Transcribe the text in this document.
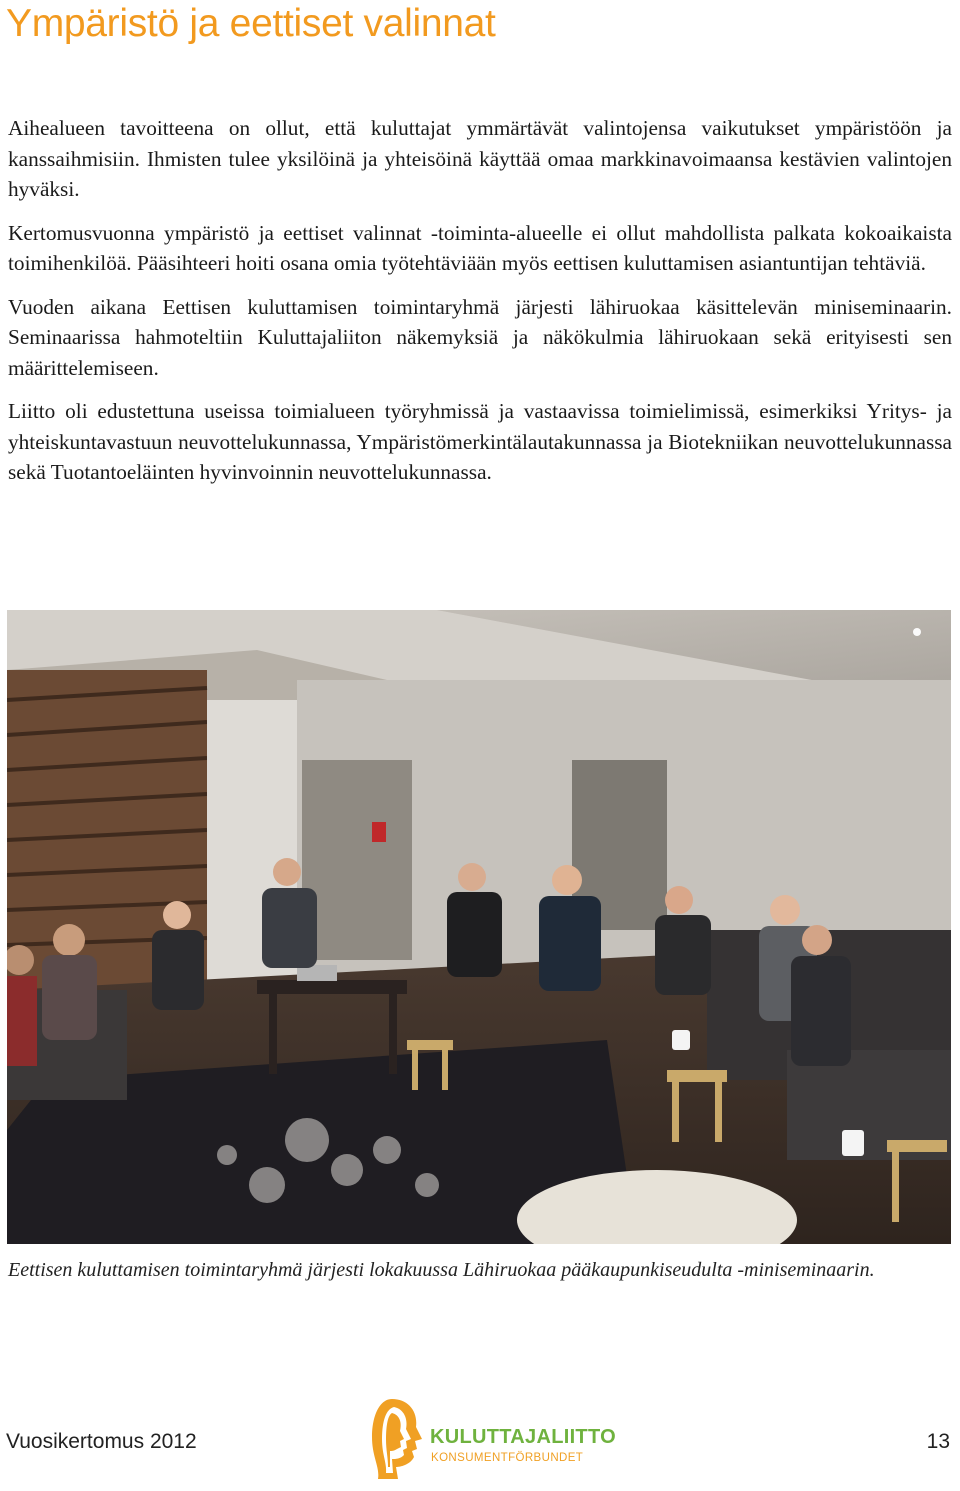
Ympäristö ja eettiset valinnat

Aihealueen tavoitteena on ollut, että kuluttajat ymmärtävät valintojensa vaikutukset ympäristöön ja kanssaihmisiin. Ihmisten tulee yksilöinä ja yhteisöinä käyttää omaa markkinavoimaansa kestävien valintojen hyväksi.

Kertomusvuonna ympäristö ja eettiset valinnat -toiminta-alueelle ei ollut mahdollista palkata kokoaikaista toimihenkilöä. Pääsihteeri hoiti osana omia työtehtäviään myös eettisen kuluttamisen asiantuntijan tehtäviä.

Vuoden aikana Eettisen kuluttamisen toimintaryhmä järjesti lähiruokaa käsittelevän miniseminaarin. Seminaarissa hahmoteltiin Kuluttajaliiton näkemyksiä ja näkökulmia lähiruokaan sekä erityisesti sen määrittelemiseen.

Liitto oli edustettuna useissa toimialueen työryhmissä ja vastaavissa toimielimissä, esimerkiksi Yritys- ja yhteiskuntavastuun neuvottelukunnassa, Ympäristömerkintälautakunnassa ja Biotekniikan neuvottelukunnassa sekä Tuotantoeläinten hyvinvoinnin neuvottelukunnassa.

Eettisen kuluttamisen toimintaryhmä järjesti lokakuussa Lähiruokaa pääkaupunkiseudulta -miniseminaarin.

Vuosikertomus 2012	KULUTTAJALIITTO
KONSUMENTFÖRBUNDET
13
